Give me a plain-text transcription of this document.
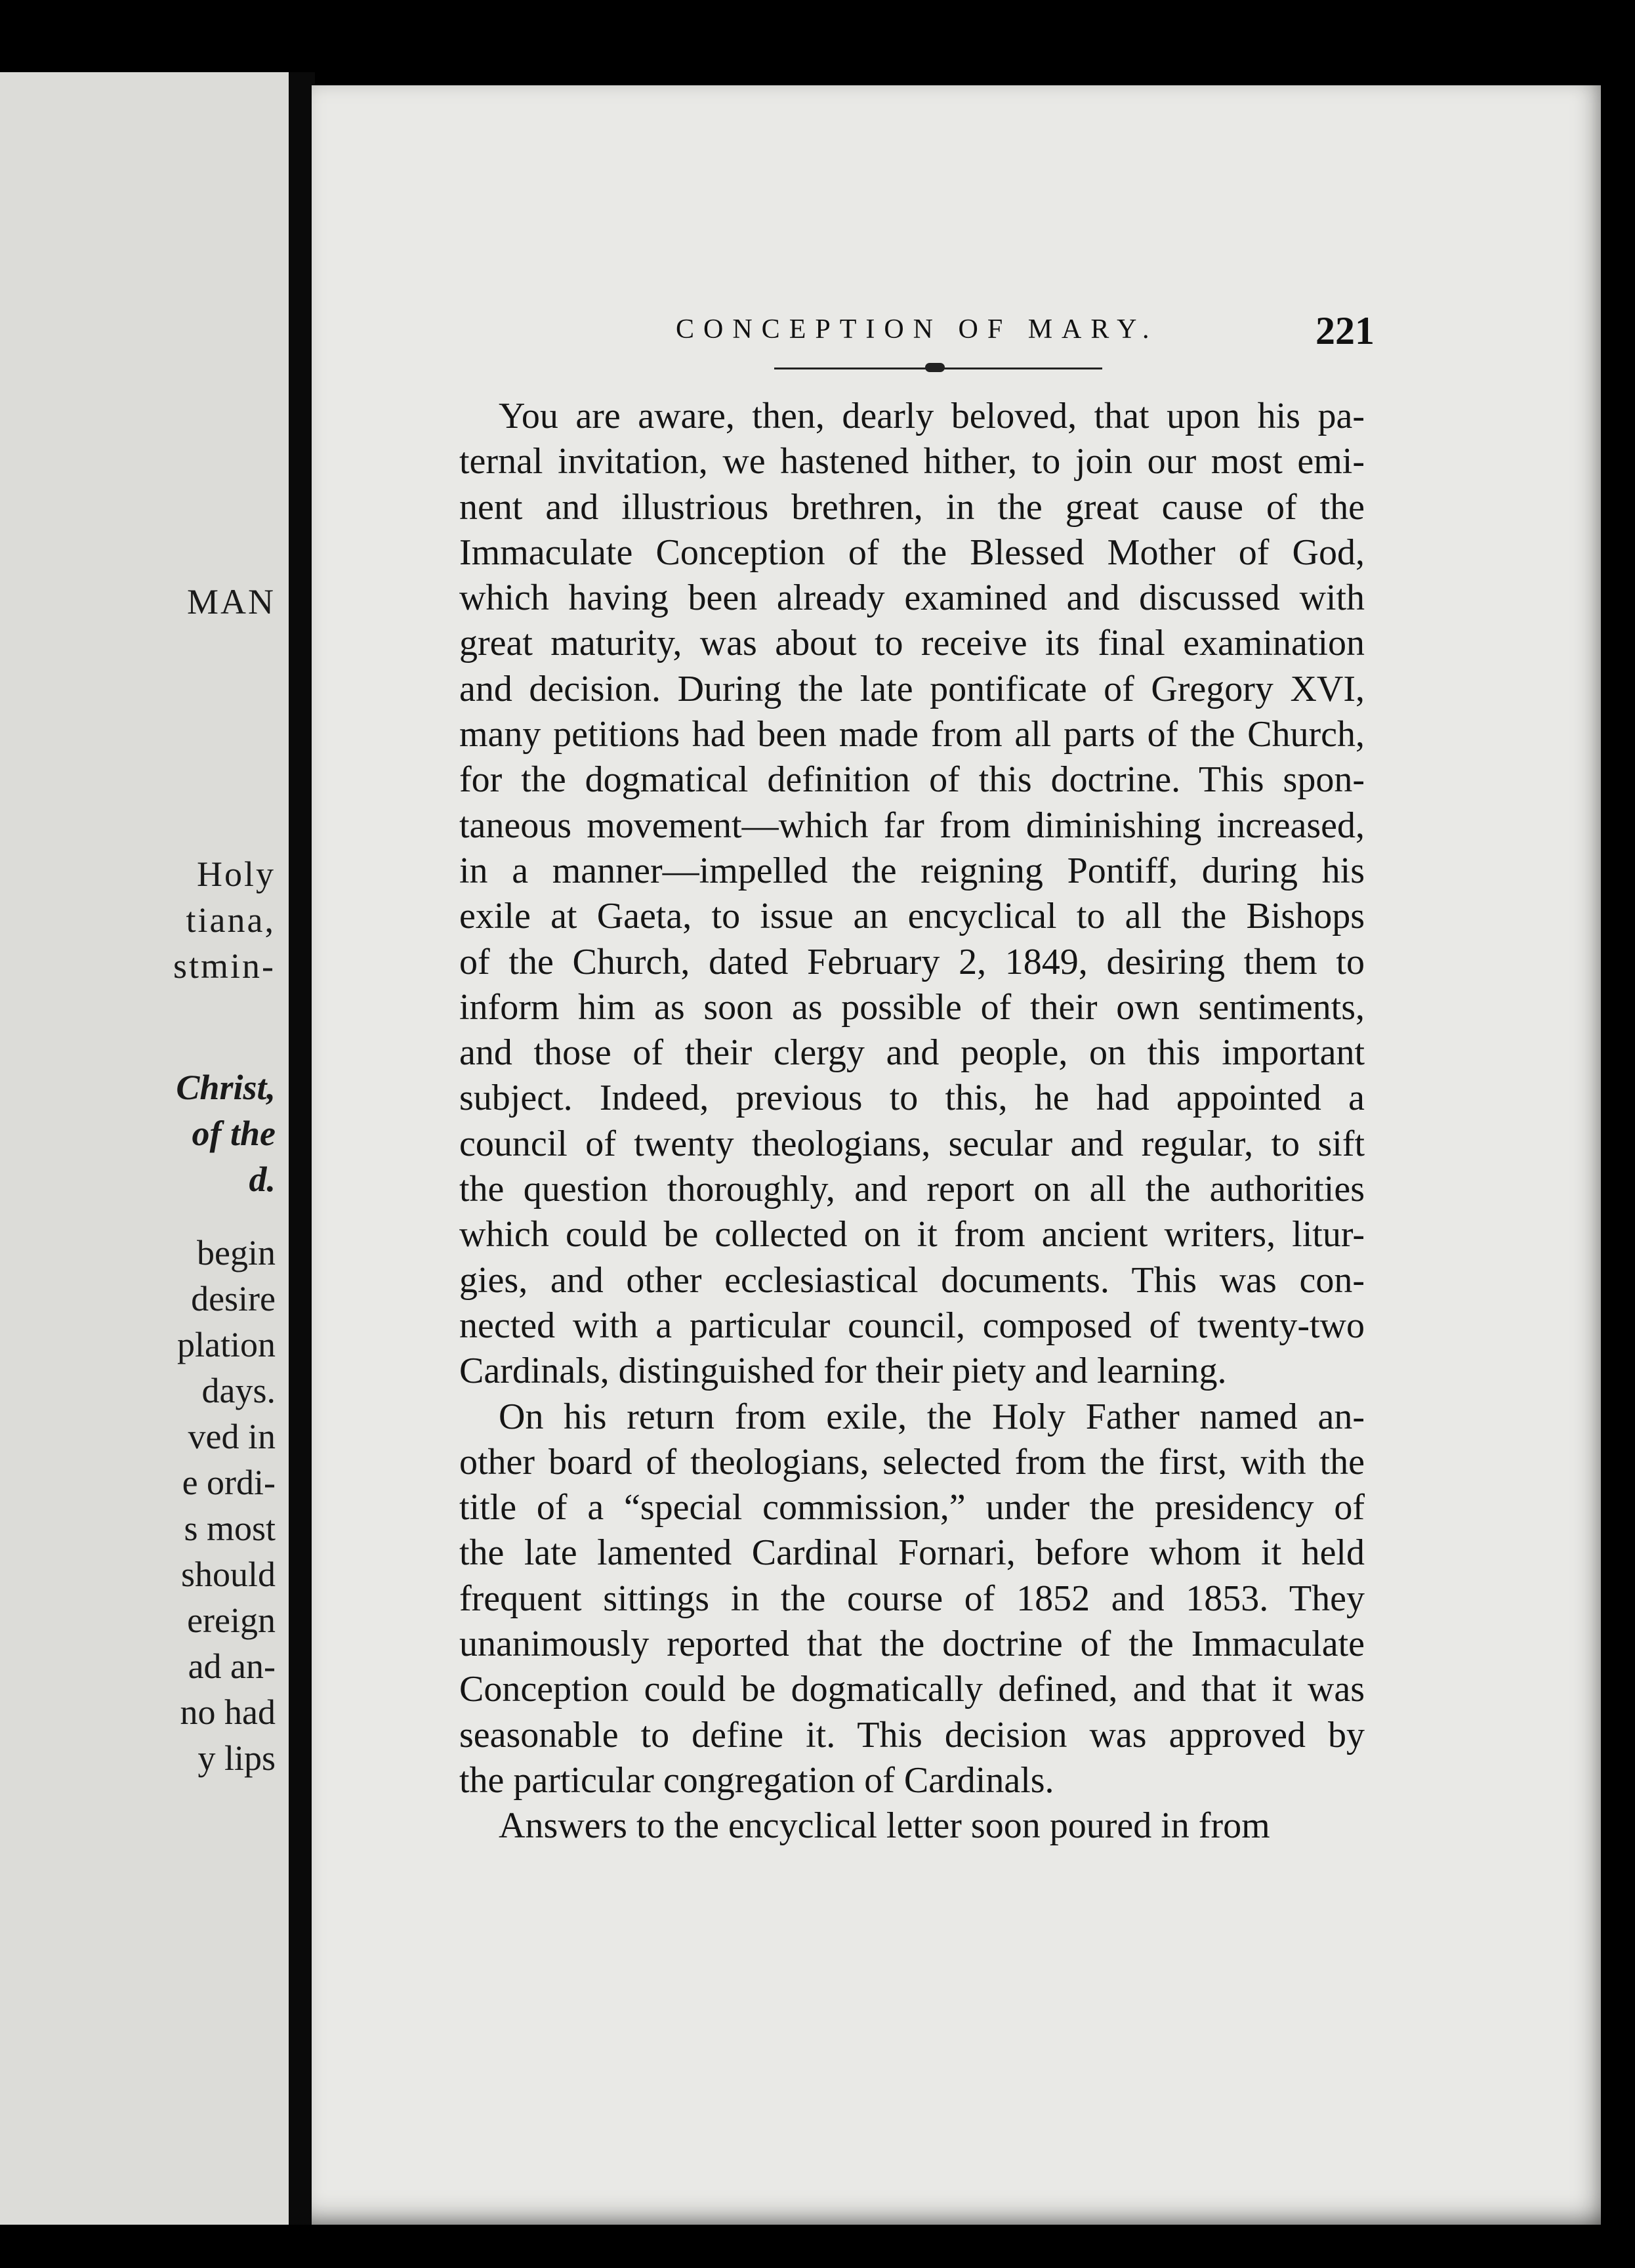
MAN
Holy
tiana,
stmin-
Christ,
of the
d.
begin
desire
plation
days.
ved in
e ordi-
s most
should
ereign
ad an-
no had
y lips
CONCEPTION OF MARY.	221
You are aware, then, dearly beloved, that upon his pa-
ternal invitation, we hastened hither, to join our most emi-
nent and illustrious brethren, in the great cause of the
Immaculate Conception of the Blessed Mother of God,
which having been already examined and discussed with
great maturity, was about to receive its final examination
and decision. During the late pontificate of Gregory XVI,
many petitions had been made from all parts of the Church,
for the dogmatical definition of this doctrine. This spon-
taneous movement—which far from diminishing increased,
in a manner—impelled the reigning Pontiff, during his
exile at Gaeta, to issue an encyclical to all the Bishops
of the Church, dated February 2, 1849, desiring them to
inform him as soon as possible of their own sentiments,
and those of their clergy and people, on this important
subject. Indeed, previous to this, he had appointed a
council of twenty theologians, secular and regular, to sift
the question thoroughly, and report on all the authorities
which could be collected on it from ancient writers, litur-
gies, and other ecclesiastical documents. This was con-
nected with a particular council, composed of twenty-two
Cardinals, distinguished for their piety and learning.
On his return from exile, the Holy Father named an-
other board of theologians, selected from the first, with the
title of a “special commission,” under the presidency of
the late lamented Cardinal Fornari, before whom it held
frequent sittings in the course of 1852 and 1853. They
unanimously reported that the doctrine of the Immaculate
Conception could be dogmatically defined, and that it was
seasonable to define it. This decision was approved by
the particular congregation of Cardinals.
Answers to the encyclical letter soon poured in from
